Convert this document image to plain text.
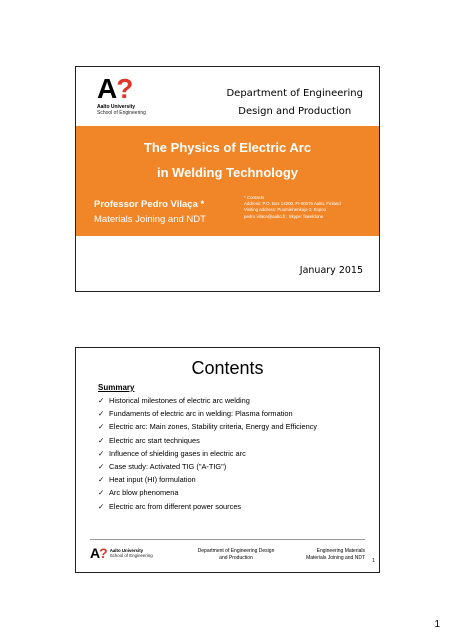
A?
Aalto University
School of Engineering
Department of Engineering
Design and Production
The Physics of Electric Arc
in Welding Technology
Professor Pedro Vilaça *
Materials Joining and NDT
* Contacts
Address: P.O. Box 14200, FI-00076 Aalto, Finland
Visiting address: Puumiehenkuja 3, Espoo
pedro.vilaca@aalto.fi ; Skype: fsweldone
January 2015
Contents
Summary
✓ Historical milestones of electric arc welding
✓ Fundaments of electric arc in welding: Plasma formation
✓ Electric arc: Main zones, Stability criteria, Energy and Efficiency
✓ Electric arc start techniques
✓ Influence of shielding gases in electric arc
✓ Case study: Activated TIG ("A-TIG")
✓ Heat input (HI) formulation
✓ Arc blow phenomena
✓ Electric arc from different power sources
A? Aalto University
School of Engineering
Department of Engineering Design
and Production
Engineering Materials
Materials Joining and NDT
1
1
